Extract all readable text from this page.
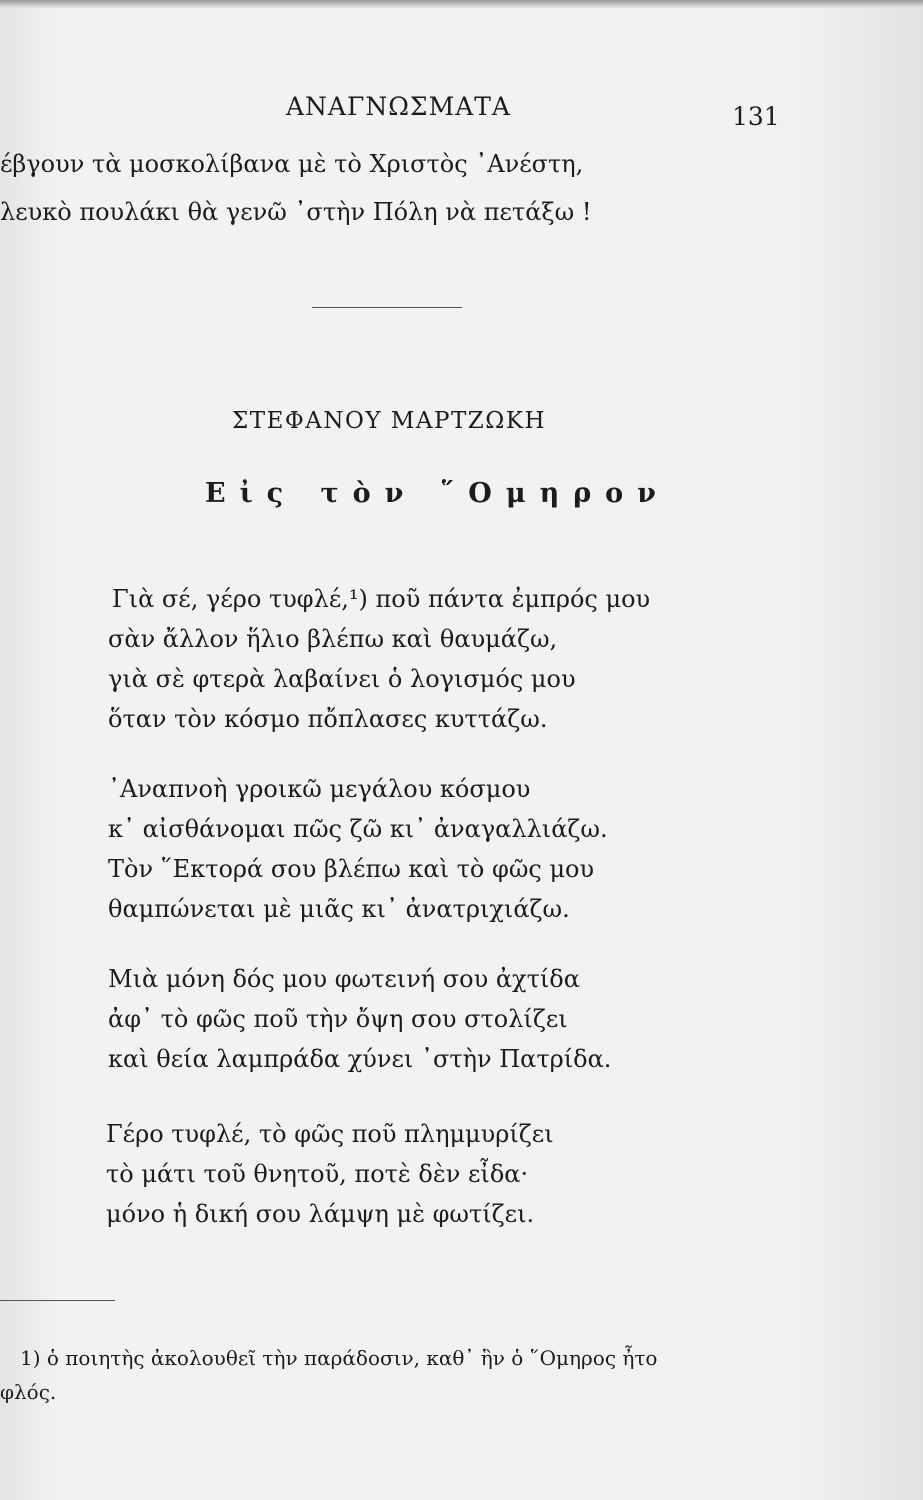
ΑΝΑΓΝΩΣΜΑΤΑ	131
έβγουν τὰ μοσκολίβανα μὲ τὸ Χριστὸς ᾿Ανέστη,
λευκὸ πουλάκι θὰ γενῶ ᾿στὴν Πόλη νὰ πετάξω !
ΣΤΕΦΑΝΟΥ ΜΑΡΤΖΩΚΗ
Εἰς τὸν ῞Ομηρον
Γιὰ σέ, γέρο τυφλέ,¹) ποῦ πάντα ἐμπρός μου
σὰν ἄλλον ἥλιο βλέπω καὶ θαυμάζω,
γιὰ σὲ φτερὰ λαβαίνει ὁ λογισμός μου
ὅταν τὸν κόσμο πὄπλασες κυττάζω.
᾿Αναπνοὴ γροικῶ μεγάλου κόσμου
κ᾿ αἰσθάνομαι πῶς ζῶ κι᾿ ἀναγαλλιάζω.
Τὸν ῞Εκτορά σου βλέπω καὶ τὸ φῶς μου
θαμπώνεται μὲ μιᾶς κι᾿ ἀνατριχιάζω.
Μιὰ μόνη δός μου φωτεινή σου ἀχτίδα
ἀφ᾿ τὸ φῶς ποῦ τὴν ὄψη σου στολίζει
καὶ θεία λαμπράδα χύνει ᾿στὴν Πατρίδα.
Γέρο τυφλέ, τὸ φῶς ποῦ πλημμυρίζει
τὸ μάτι τοῦ θνητοῦ, ποτὲ δὲν εἶδα·
μόνο ἡ δική σου λάμψη μὲ φωτίζει.
1) ὁ ποιητὴς ἀκολουθεῖ τὴν παράδοσιν, καθ᾿ ἣν ὁ ῞Ομηρος ἦτο
φλός.
